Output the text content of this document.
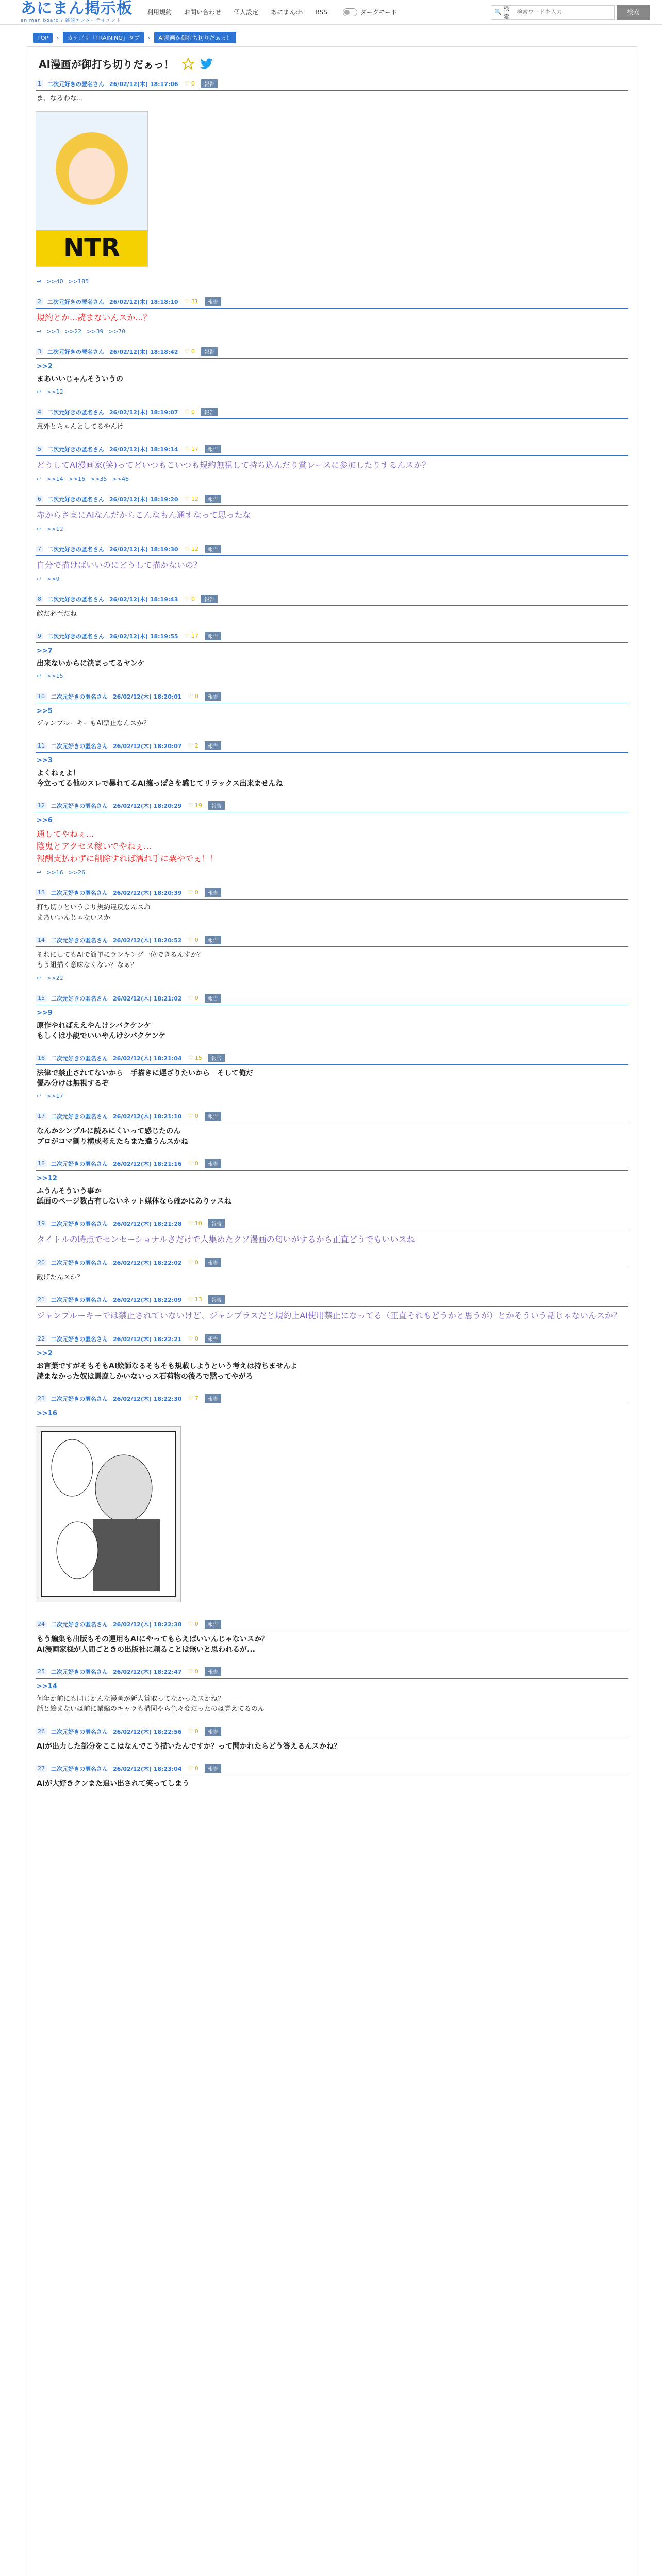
あにまん掲示板
animan board / 雑談エンターテイメント
利用規約 お問い合わせ 個人設定 あにまんch RSS	ダークモード	🔍
検索
検索ワードを入力
検索
TOP	›	カテゴリ「TRAINING」タブ	›	AI漫画が御打ち切りだぁっ！
AI漫画が御打ち切りだぁっ！
1	二次元好きの匿名さん 26/02/12(木) 18:17:06 ♡ 0	報告
ま、なるわな...
NTR
↩ >>40 >>185
2	二次元好きの匿名さん 26/02/12(木) 18:18:10 ♡ 31	報告
規約とか...読まないんスか...？
↩ >>3 >>22 >>39 >>70
3	二次元好きの匿名さん 26/02/12(木) 18:18:42 ♡ 0	報告
>>2
まあいいじゃんそういうの
↩ >>12
4	二次元好きの匿名さん 26/02/12(木) 18:19:07 ♡ 0	報告
意外とちゃんとしてるやんけ
5	二次元好きの匿名さん 26/02/12(木) 18:19:14 ♡ 17	報告
どうしてAI漫画家(笑)ってどいつもこいつも規約無視して持ち込んだり賞レースに参加したりするんスか？
↩ >>14 >>16 >>35 >>46
6	二次元好きの匿名さん 26/02/12(木) 18:19:20 ♡ 12	報告
赤からさまにAIなんだからこんなもん通すなって思ったな
↩ >>12
7	二次元好きの匿名さん 26/02/12(木) 18:19:30 ♡ 12	報告
自分で描けばいいのにどうして描かないの？
↩ >>9
8	二次元好きの匿名さん 26/02/12(木) 18:19:43 ♡ 0	報告
敵だ必至だね
9	二次元好きの匿名さん 26/02/12(木) 18:19:55 ♡ 17	報告
>>7
出来ないからに決まってるヤンケ
↩ >>15
10	二次元好きの匿名さん 26/02/12(木) 18:20:01 ♡ 0	報告
>>5
ジャンプルーキーもAI禁止なんスか？
11	二次元好きの匿名さん 26/02/12(木) 18:20:07 ♡ 2	報告
>>3
よくねぇよ！
今立ってる他のスレで暴れてるAI擁っぽさを感じてリラックス出来ませんね
12	二次元好きの匿名さん 26/02/12(木) 18:20:29 ♡ 19	報告
>>6
通してやねぇ...
陰鬼とアクセス稼いでやねぇ...
報酬支払わずに削除すれば濡れ手に粟やでぇ！！
↩ >>16 >>26
13	二次元好きの匿名さん 26/02/12(木) 18:20:39 ♡ 0	報告
打ち切りというより規約違反なんスね
まあいいんじゃないスか
14	二次元好きの匿名さん 26/02/12(木) 18:20:52 ♡ 0	報告
それにしてもAIで簡単にランキング一位できるんすか？
もう組描く意味なくない？なぁ？
↩ >>22
15	二次元好きの匿名さん 26/02/12(木) 18:21:02 ♡ 0	報告
>>9
原作やればええやんけシバクケンケ
もしくは小説でいいやんけシバクケンケ
16	二次元好きの匿名さん 26/02/12(木) 18:21:04 ♡ 15	報告
法律で禁止されてないから　手描きに遅ざりたいから　そして俺だ
優み分けは無視するぞ
↩ >>17
17	二次元好きの匿名さん 26/02/12(木) 18:21:10 ♡ 0	報告
なんかシンプルに読みにくいって感じたのん
プロがコマ割り構成考えたらまた違うんスかね
18	二次元好きの匿名さん 26/02/12(木) 18:21:16 ♡ 0	報告
>>12
ふうんそういう事か
紙面のページ数占有しないネット媒体なら確かにありッスね
19	二次元好きの匿名さん 26/02/12(木) 18:21:28 ♡ 10	報告
タイトルの時点でセンセーショナルさだけで人集めたクソ漫画の匂いがするから正直どうでもいいスね
20	二次元好きの匿名さん 26/02/12(木) 18:22:02 ♡ 0	報告
敵げたんスか？
21	二次元好きの匿名さん 26/02/12(木) 18:22:09 ♡ 13	報告
ジャンプルーキーでは禁止されていないけど、ジャンプラスだと規約上AI使用禁止になってる（正直それもどうかと思うが）とかそういう話じゃないんスか？
22	二次元好きの匿名さん 26/02/12(木) 18:22:21 ♡ 0	報告
>>2
お言葉ですがそもそもAI絵師なるそもそも規載しようという考えは持ちませんよ
読まなかった奴は馬鹿しかいないっス石荷物の後ろで黙ってやがろ
23	二次元好きの匿名さん 26/02/12(木) 18:22:30 ♡ 7	報告
>>16
24	二次元好きの匿名さん 26/02/12(木) 18:22:38 ♡ 0	報告
もう編集も出版もその運用もAIにやってもらえばいいんじゃないスか？
AI漫画家様が人間ごときの出版社に頼ることは無いと思われるが...
25	二次元好きの匿名さん 26/02/12(木) 18:22:47 ♡ 0	報告
>>14
何年か前にも同じかんな漫画が新人賞取ってなかったスかね？
話と絵まないは前に業縮のキャラも構図やら色々変だったのは覚えてるのん
26	二次元好きの匿名さん 26/02/12(木) 18:22:56 ♡ 0	報告
AIが出力した部分をここはなんでこう描いたんですか？って聞かれたらどう答えるんスかね？
27	二次元好きの匿名さん 26/02/12(木) 18:23:04 ♡ 0	報告
AIが大好きクンまた追い出されて笑ってしまう
